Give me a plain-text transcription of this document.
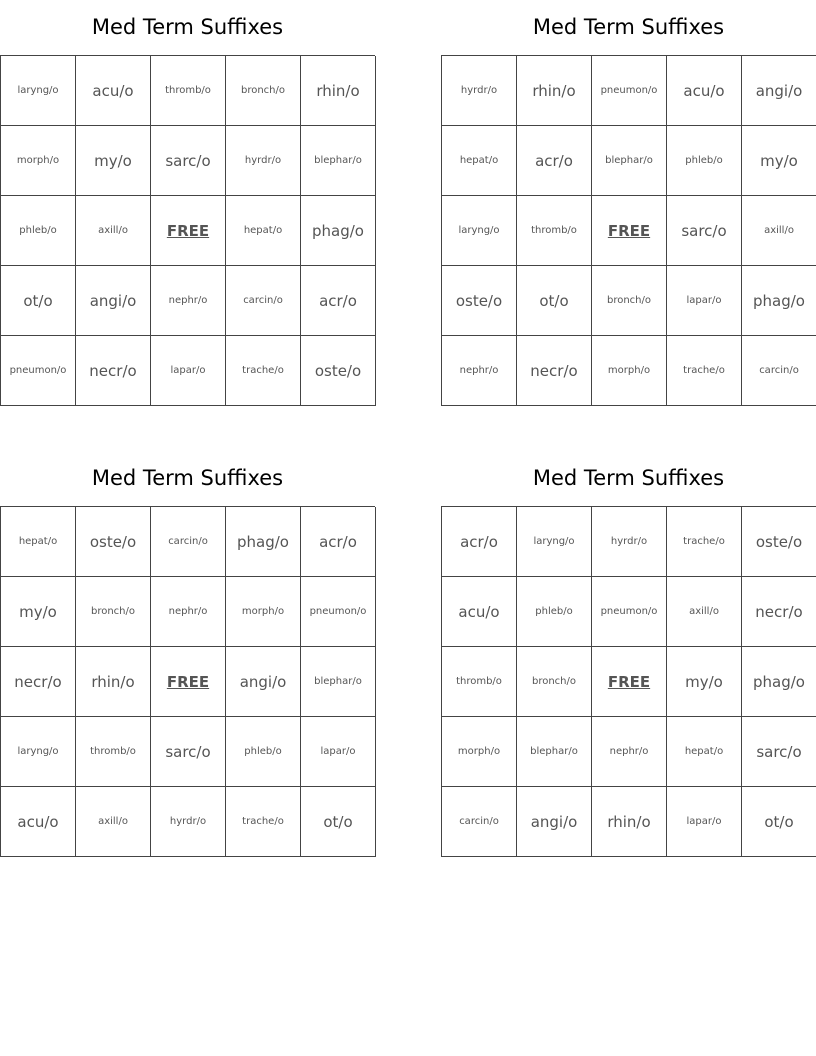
Med Term Suffixes
laryng/o	acu/o	thromb/o	bronch/o	rhin/o
morph/o	my/o	sarc/o	hyrdr/o	blephar/o
phleb/o	axill/o	FREE	hepat/o	phag/o
ot/o	angi/o	nephr/o	carcin/o	acr/o
pneumon/o	necr/o	lapar/o	trache/o	oste/o
Med Term Suffixes
hyrdr/o	rhin/o	pneumon/o	acu/o	angi/o
hepat/o	acr/o	blephar/o	phleb/o	my/o
laryng/o	thromb/o	FREE	sarc/o	axill/o
oste/o	ot/o	bronch/o	lapar/o	phag/o
nephr/o	necr/o	morph/o	trache/o	carcin/o
Med Term Suffixes
hepat/o	oste/o	carcin/o	phag/o	acr/o
my/o	bronch/o	nephr/o	morph/o	pneumon/o
necr/o	rhin/o	FREE	angi/o	blephar/o
laryng/o	thromb/o	sarc/o	phleb/o	lapar/o
acu/o	axill/o	hyrdr/o	trache/o	ot/o
Med Term Suffixes
acr/o	laryng/o	hyrdr/o	trache/o	oste/o
acu/o	phleb/o	pneumon/o	axill/o	necr/o
thromb/o	bronch/o	FREE	my/o	phag/o
morph/o	blephar/o	nephr/o	hepat/o	sarc/o
carcin/o	angi/o	rhin/o	lapar/o	ot/o
